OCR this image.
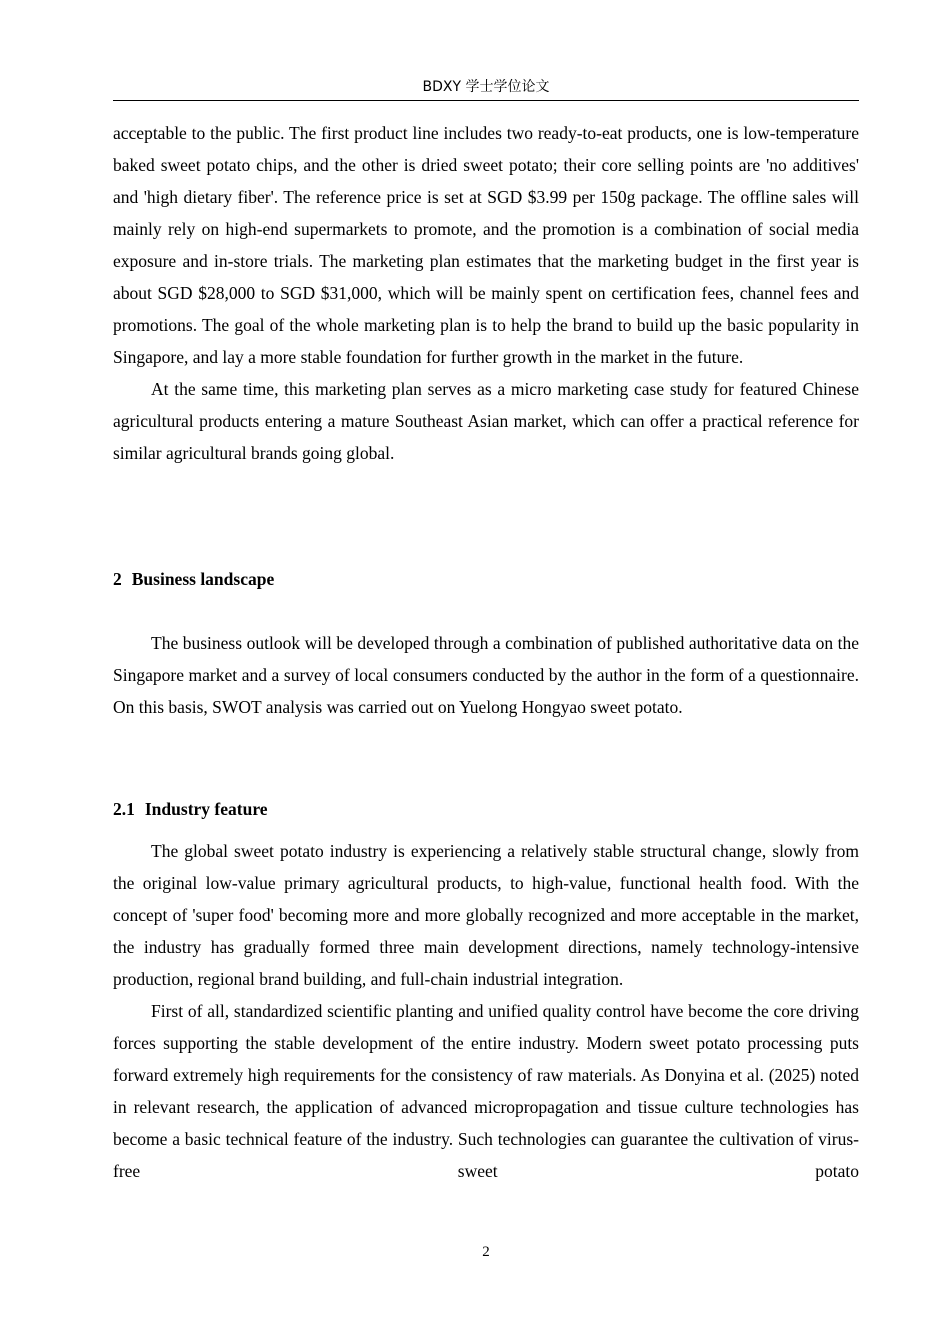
BDXY 学士学位论文

acceptable to the public. The first product line includes two ready-to-eat products, one is low-temperature baked sweet potato chips, and the other is dried sweet potato; their core selling points are 'no additives' and 'high dietary fiber'. The reference price is set at SGD $3.99 per 150g package. The offline sales will mainly rely on high-end supermarkets to promote, and the promotion is a combination of social media exposure and in-store trials. The marketing plan estimates that the marketing budget in the first year is about SGD $28,000 to SGD $31,000, which will be mainly spent on certification fees, channel fees and promotions. The goal of the whole marketing plan is to help the brand to build up the basic popularity in Singapore, and lay a more stable foundation for further growth in the market in the future.

At the same time, this marketing plan serves as a micro marketing case study for featured Chinese agricultural products entering a mature Southeast Asian market, which can offer a practical reference for similar agricultural brands going global.

2 Business landscape

The business outlook will be developed through a combination of published authoritative data on the Singapore market and a survey of local consumers conducted by the author in the form of a questionnaire. On this basis, SWOT analysis was carried out on Yuelong Hongyao sweet potato.

2.1 Industry feature

The global sweet potato industry is experiencing a relatively stable structural change, slowly from the original low-value primary agricultural products, to high-value, functional health food. With the concept of 'super food' becoming more and more globally recognized and more acceptable in the market, the industry has gradually formed three main development directions, namely technology-intensive production, regional brand building, and full-chain industrial integration.

First of all, standardized scientific planting and unified quality control have become the core driving forces supporting the stable development of the entire industry. Modern sweet potato processing puts forward extremely high requirements for the consistency of raw materials. As Donyina et al. (2025) noted in relevant research, the application of advanced micropropagation and tissue culture technologies has become a basic technical feature of the industry. Such technologies can guarantee the cultivation of virus-free sweet potato

2
